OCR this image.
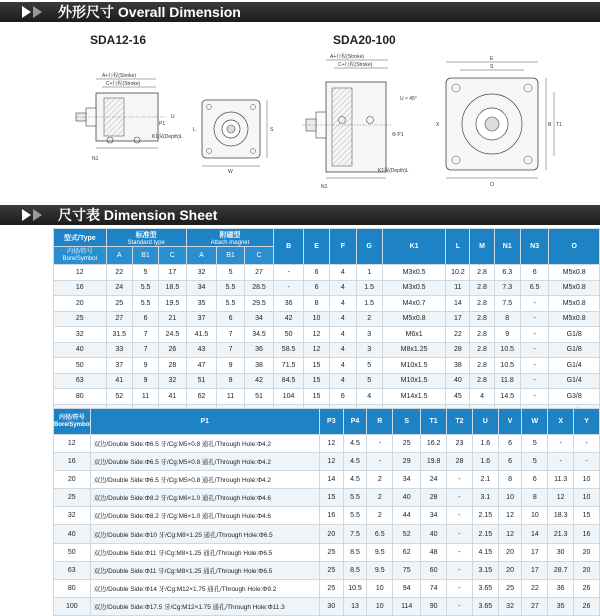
外形尺寸 Overall Dimension
SDA12-16	SDA20-100
A+行程(Stroke)
C+行程(Stroke)
N1
K1深(Depth)L
P1
U
W
S
L
A+行程(Stroke)
C+行程(Stroke)
N1
K1深(Depth)L
Φ P1
U × 45°
E
S
B T1
X
O
尺寸表 Dimension Sheet
型式/Type	标准型
Standard type			附磁型
Attach magnet			B	E	F	G	K1	L	M	N1	N3	O
内径/符号
Bore/Symbol	A	B1	C	A	B1	C										
12	22	5	17	32	5	27	-	6	4	1	M3x0.5	10.2	2.8	6.3	6	M5x0.8
16	24	5.5	18.5	34	5.5	28.5	-	6	4	1.5	M3x0.5	11	2.8	7.3	6.5	M5x0.8
20	25	5.5	19.5	35	5.5	29.5	36	8	4	1.5	M4x0.7	14	2.8	7.5	-	M5x0.8
25	27	6	21	37	6	34	42	10	4	2	M5x0.8	17	2.8	8	-	M5x0.8
32	31.5	7	24.5	41.5	7	34.5	50	12	4	3	M6x1	22	2.8	9	-	G1/8
40	33	7	26	43	7	36	58.5	12	4	3	M8x1.25	28	2.8	10.5	-	G1/8
50	37	9	28	47	9	38	71.5	15	4	5	M10x1.5	38	2.8	10.5	-	G1/4
63	41	9	32	51	9	42	84.5	15	4	5	M10x1.5	40	2.8	11.8	-	G1/4
80	52	11	41	62	11	51	104	15	6	4	M14x1.5	45	4	14.5	-	G3/8

内径/符号
Bore/Symbol	P1	P3	P4	R	S	T1	T2	U	V	W	X	Y
12	双边/Double Side:Φ6.5 牙/Cg:M5×0.8 通孔/Through Hole:Φ4.2	12	4.5	-	25	16.2	23	1.6	6	5	-	-
16	双边/Double Side:Φ6.5 牙/Cg:M5×0.8 通孔/Through Hole:Φ4.2	12	4.5	-	29	19.8	28	1.6	6	5	-	-
20	双边/Double Side:Φ6.5 牙/Cg:M5×0.8 通孔/Through Hole:Φ4.2	14	4.5	2	34	24	-	2.1	8	6	11.3	10
25	双边/Double Side:Φ8.2 牙/Cg:M6×1.0 通孔/Through Hole:Φ4.6	15	5.5	2	40	28	-	3.1	10	8	12	10
32	双边/Double Side:Φ8.2 牙/Cg:M6×1.0 通孔/Through Hole:Φ4.6	16	5.5	2	44	34	-	2.15	12	10	18.3	15
40	双边/Double Side:Φ10 牙/Cg:M8×1.25 通孔/Through Hole:Φ6.5	20	7.5	6.5	52	40	-	2.15	12	14	21.3	16
50	双边/Double Side:Φ11 牙/Cg:M8×1.25 通孔/Through Hole:Φ6.5	25	8.5	9.5	62	48	-	4.15	20	17	30	20
63	双边/Double Side:Φ11 牙/Cg:M8×1.25 通孔/Through Hole:Φ6.5	25	8.5	9.5	75	60	-	3.15	20	17	28.7	20
80	双边/Double Side:Φ14 牙/Cg:M12×1.75 通孔/Through Hole:Φ9.2	25	10.5	10	94	74	-	3.65	25	22	36	26
100	双边/Double Side:Φ17.5 牙/Cg:M12×1.75 通孔/Through Hole:Φ11.3	30	13	10	114	90	-	3.65	32	27	35	26
